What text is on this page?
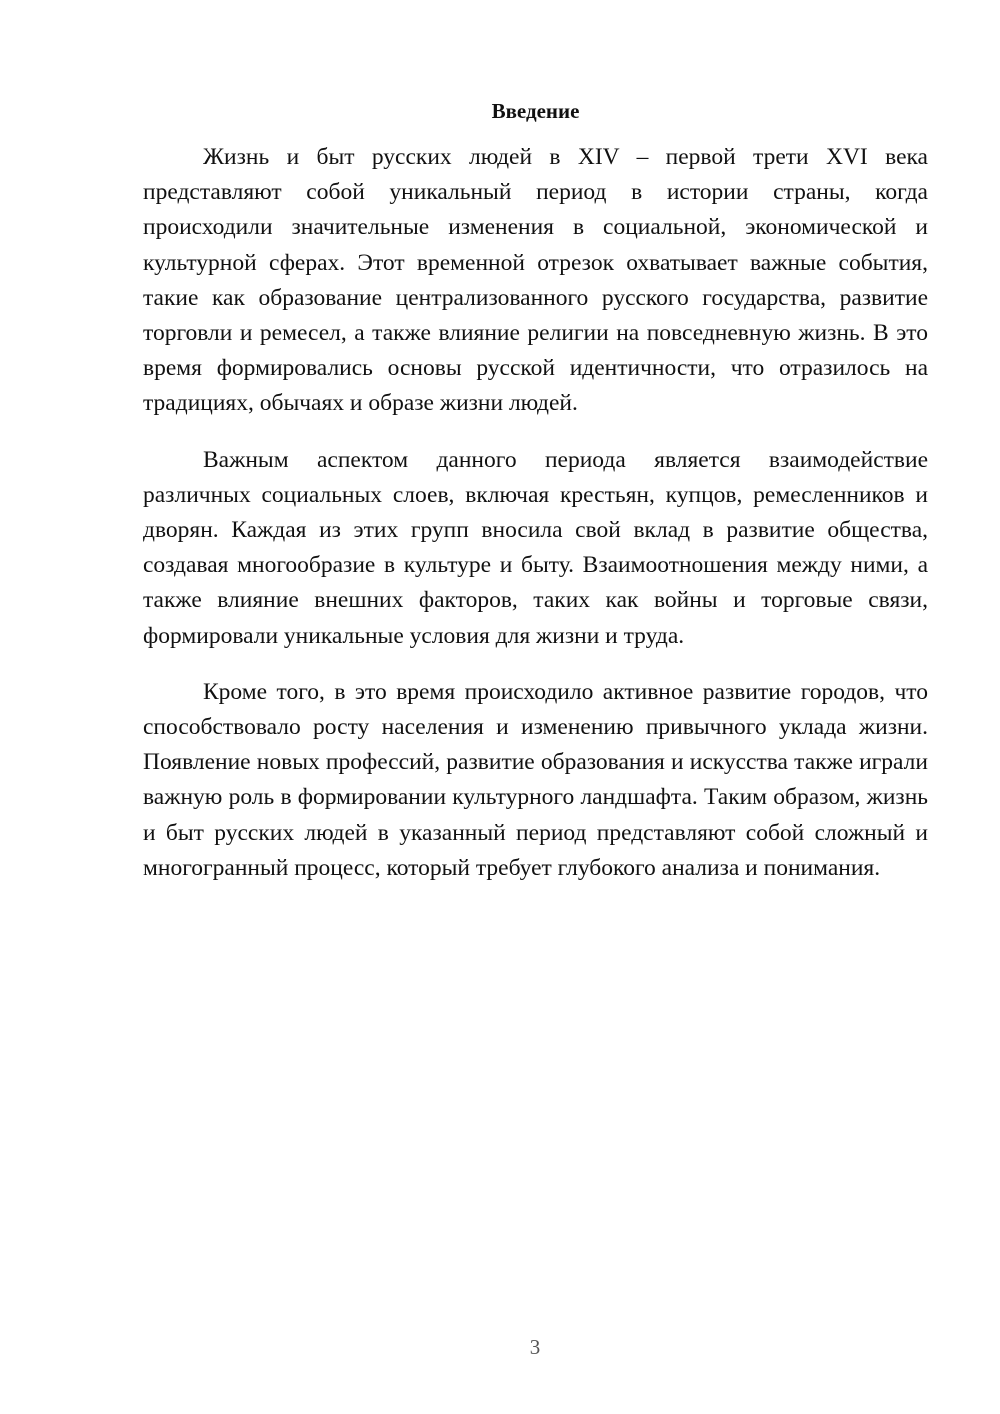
Введение

Жизнь и быт русских людей в XIV – первой трети XVI века представляют собой уникальный период в истории страны, когда происходили значительные изменения в социальной, экономической и культурной сферах. Этот временной отрезок охватывает важные события, такие как образование централизованного русского государства, развитие торговли и ремесел, а также влияние религии на повседневную жизнь. В это время формировались основы русской идентичности, что отразилось на традициях, обычаях и образе жизни людей.

Важным аспектом данного периода является взаимодействие различных социальных слоев, включая крестьян, купцов, ремесленников и дворян. Каждая из этих групп вносила свой вклад в развитие общества, создавая многообразие в культуре и быту. Взаимоотношения между ними, а также влияние внешних факторов, таких как войны и торговые связи, формировали уникальные условия для жизни и труда.

Кроме того, в это время происходило активное развитие городов, что способствовало росту населения и изменению привычного уклада жизни. Появление новых профессий, развитие образования и искусства также играли важную роль в формировании культурного ландшафта. Таким образом, жизнь и быт русских людей в указанный период представляют собой сложный и многогранный процесс, который требует глубокого анализа и понимания.

3
